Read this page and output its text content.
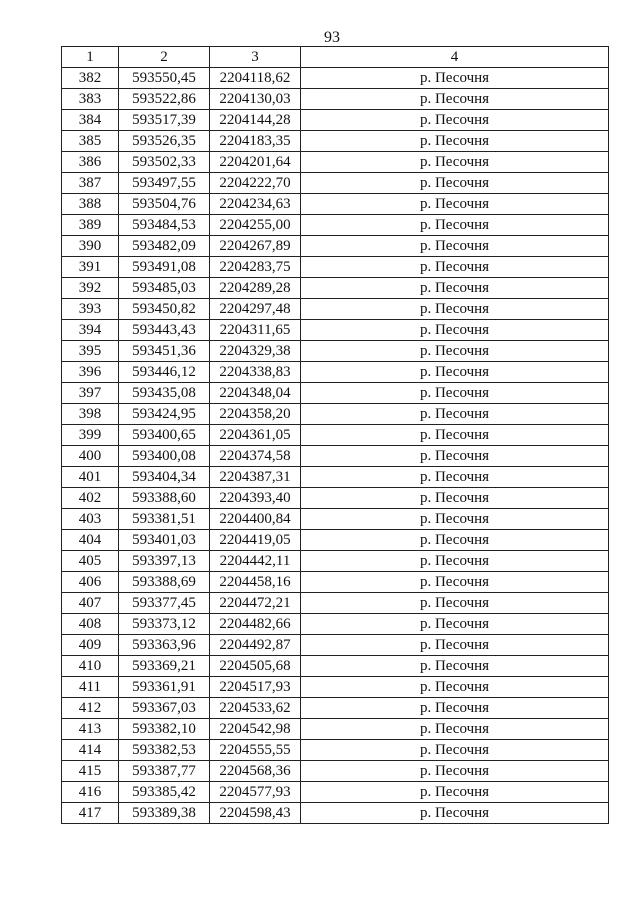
93
1	2	3	4
382	593550,45	2204118,62	р. Песочня
383	593522,86	2204130,03	р. Песочня
384	593517,39	2204144,28	р. Песочня
385	593526,35	2204183,35	р. Песочня
386	593502,33	2204201,64	р. Песочня
387	593497,55	2204222,70	р. Песочня
388	593504,76	2204234,63	р. Песочня
389	593484,53	2204255,00	р. Песочня
390	593482,09	2204267,89	р. Песочня
391	593491,08	2204283,75	р. Песочня
392	593485,03	2204289,28	р. Песочня
393	593450,82	2204297,48	р. Песочня
394	593443,43	2204311,65	р. Песочня
395	593451,36	2204329,38	р. Песочня
396	593446,12	2204338,83	р. Песочня
397	593435,08	2204348,04	р. Песочня
398	593424,95	2204358,20	р. Песочня
399	593400,65	2204361,05	р. Песочня
400	593400,08	2204374,58	р. Песочня
401	593404,34	2204387,31	р. Песочня
402	593388,60	2204393,40	р. Песочня
403	593381,51	2204400,84	р. Песочня
404	593401,03	2204419,05	р. Песочня
405	593397,13	2204442,11	р. Песочня
406	593388,69	2204458,16	р. Песочня
407	593377,45	2204472,21	р. Песочня
408	593373,12	2204482,66	р. Песочня
409	593363,96	2204492,87	р. Песочня
410	593369,21	2204505,68	р. Песочня
411	593361,91	2204517,93	р. Песочня
412	593367,03	2204533,62	р. Песочня
413	593382,10	2204542,98	р. Песочня
414	593382,53	2204555,55	р. Песочня
415	593387,77	2204568,36	р. Песочня
416	593385,42	2204577,93	р. Песочня
417	593389,38	2204598,43	р. Песочня
